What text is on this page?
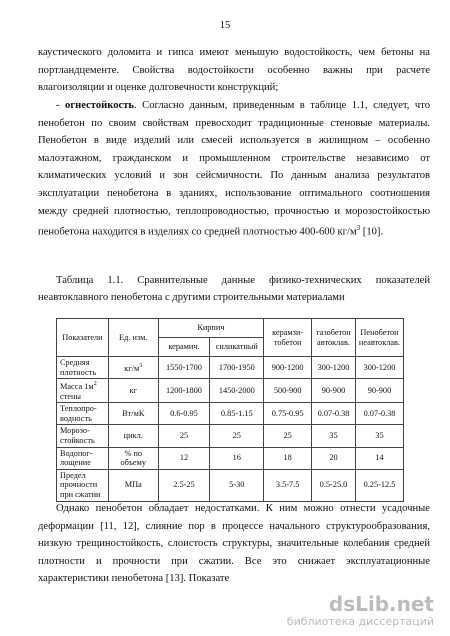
15

каустического доломита и гипса имеют меньшую водостойкость, чем бетоны на портландцементе. Свойства водостойкости особенно важны при расчете влагоизоляции и оценке долговечности конструкций;

- огнестойкость. Согласно данным, приведенным в таблице 1.1, следует, что пенобетон по своим свойствам превосходит традиционные стеновые материалы. Пенобетон в виде изделий или смесей используется в жилищном – особенно малоэтажном, гражданском и промышленном строительстве независимо от климатических условий и зон сейсмичности. По данным анализа результатов эксплуатации пенобетона в зданиях, использование оптимального соотношения между средней плотностью, теплопроводностью, прочностью и морозостойкостью пенобетона находится в изделиях со средней плотностью 400-600 $кг/м^3$ [10].

Таблица 1.1. Сравнительные данные физико-технических показателей неавтоклавного пенобетона с другими строительными материалами

Показатели	Ед. изм.	Кирпич		керамзи-тобетон	газобетон автоклав.	Пенобетон неавтоклав.
		керамич.	силикатный			
Средняя плотность	$кг/м^3$	1550-1700	1700-1950	900-1200	300-1200	300-1200
Масса $1м^2$ стены	кг	1200-1800	1450-2000	500-900	90-900	90-900
Теплопро-водность	Вт/мК	0.6-0.95	0.85-1.15	0.75-0.95	0.07-0.38	0.07-0.38
Морозо-стойкость	цикл.	25	25	25	35	35
Водопог-лощение	% по объему	12	16	18	20	14
Предел прочности при сжатии	МПа	2.5-25	5-30	3.5-7.5	0.5-25.0	0.25-12.5

Однако пенобетон обладает недостатками. К ним можно отнести усадочные деформации [11, 12], слияние пор в процессе начального структурообразования, низкую трещиностойкость, слоистость структуры, значительные колебания средней плотности и прочности при сжатии. Все это снижает эксплуатационные характеристики пенобетона [13]. Показате

dsLib.net
библиотека диссертаций
